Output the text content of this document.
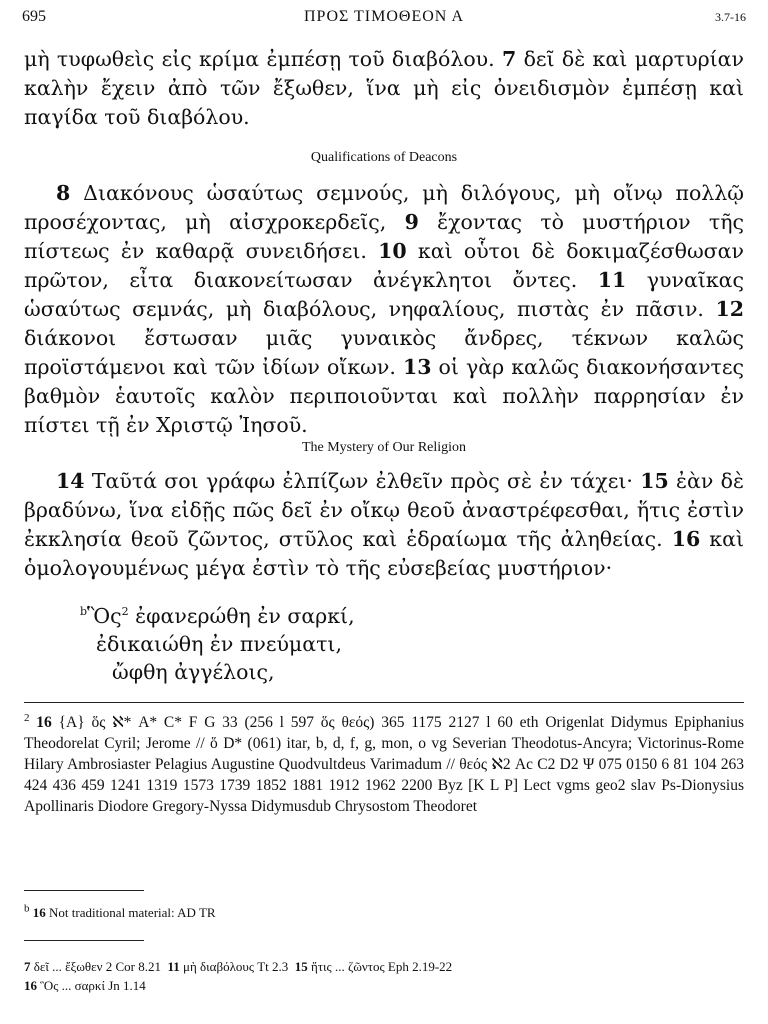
695	ΠΡΟΣ ΤΙΜΟΘΕΟΝ Α	3.7-16
μὴ τυφωθεὶς εἰς κρίμα ἐμπέσῃ τοῦ διαβόλου. 7 δεῖ δὲ καὶ μαρτυρίαν καλὴν ἔχειν ἀπὸ τῶν ἔξωθεν, ἵνα μὴ εἰς ὀνειδισμὸν ἐμπέσῃ καὶ παγίδα τοῦ διαβόλου.
Qualifications of Deacons
8 Διακόνους ὡσαύτως σεμνούς, μὴ διλόγους, μὴ οἴνῳ πολλῷ προσέχοντας, μὴ αἰσχροκερδεῖς, 9 ἔχοντας τὸ μυστήριον τῆς πίστεως ἐν καθαρᾷ συνειδήσει. 10 καὶ οὗτοι δὲ δοκιμαζέσθωσαν πρῶτον, εἶτα διακονείτωσαν ἀνέγκλητοι ὄντες. 11 γυναῖκας ὡσαύτως σεμνάς, μὴ διαβόλους, νηφαλίους, πιστὰς ἐν πᾶσιν. 12 διάκονοι ἔστωσαν μιᾶς γυναικὸς ἄνδρες, τέκνων καλῶς προϊστάμενοι καὶ τῶν ἰδίων οἴκων. 13 οἱ γὰρ καλῶς διακονήσαντες βαθμὸν ἑαυτοῖς καλὸν περιποιοῦνται καὶ πολλὴν παρρησίαν ἐν πίστει τῇ ἐν Χριστῷ Ἰησοῦ.
The Mystery of Our Religion
14 Ταῦτά σοι γράφω ἐλπίζων ἐλθεῖν πρὸς σὲ ἐν τάχει· 15 ἐὰν δὲ βραδύνω, ἵνα εἰδῇς πῶς δεῖ ἐν οἴκῳ θεοῦ ἀναστρέφεσθαι, ἥτις ἐστὶν ἐκκλησία θεοῦ ζῶντος, στῦλος καὶ ἑδραίωμα τῆς ἀληθείας. 16 καὶ ὁμολογουμένως μέγα ἐστὶν τὸ τῆς εὐσεβείας μυστήριον·
$^b$Ὃς$^2$ ἐφανερώθη ἐν σαρκί,
ἐδικαιώθη ἐν πνεύματι,
ὤφθη ἀγγέλοις,
$^2$ 16 {A} ὅς ℵ* A* C* F G 33 (256 l 597 ὅς θεός) 365 1175 2127 l 60 eth Origenlat Didymus Epiphanius Theodorelat Cyril; Jerome // ὅ D* (061) itar, b, d, f, g, mon, o vg Severian Theodotus-Ancyra; Victorinus-Rome Hilary Ambrosiaster Pelagius Augustine Quodvultdeus Varimadum // θεός ℵ2 Ac C2 D2 Ψ 075 0150 6 81 104 263 424 436 459 1241 1319 1573 1739 1852 1881 1912 1962 2200 Byz [K L P] Lect vgms geo2 slav Ps-Dionysius Apollinaris Diodore Gregory-Nyssa Didymusdub Chrysostom Theodoret
$^b$ 16 Not traditional material: AD TR
7 δεῖ ... ἔξωθεν 2 Cor 8.21  11 μὴ διαβόλους Tt 2.3  15 ἥτις ... ζῶντος Eph 2.19-22
16 Ὃς ... σαρκί Jn 1.14
